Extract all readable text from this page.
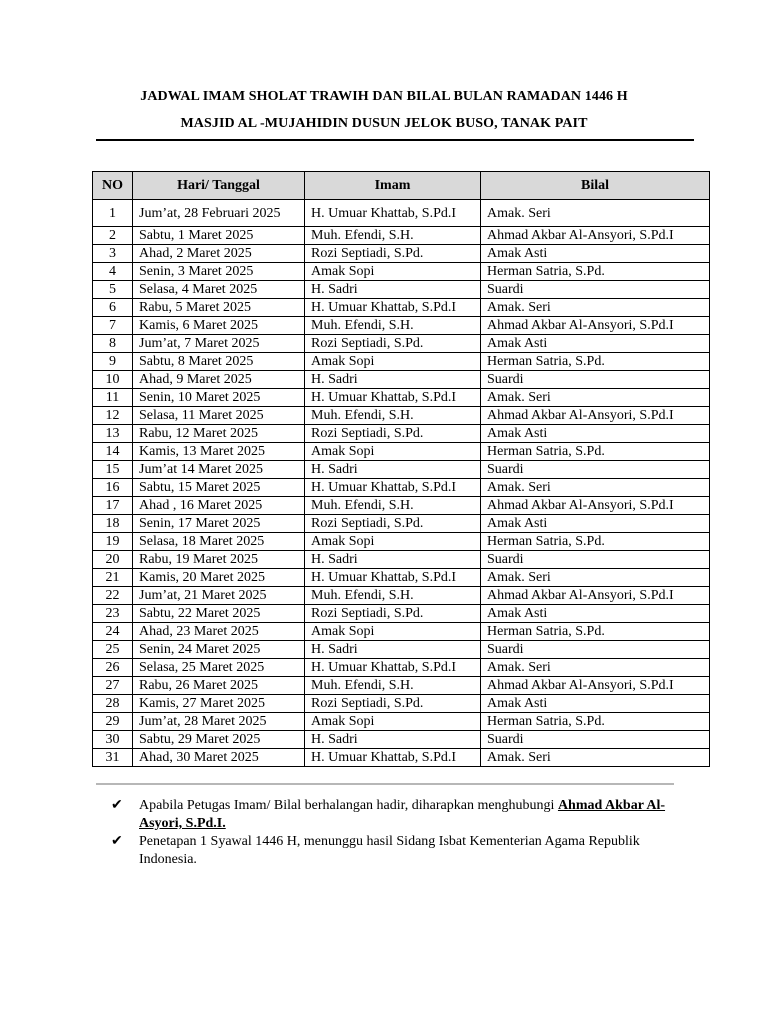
JADWAL IMAM SHOLAT TRAWIH DAN BILAL BULAN RAMADAN 1446 H
MASJID AL -MUJAHIDIN DUSUN JELOK BUSO, TANAK PAIT
NO	Hari/ Tanggal	Imam	Bilal
1	Jum’at, 28 Februari 2025	H. Umuar Khattab, S.Pd.I	Amak. Seri
2	Sabtu, 1 Maret 2025	Muh. Efendi, S.H.	Ahmad Akbar Al-Ansyori, S.Pd.I
3	Ahad, 2 Maret 2025	Rozi Septiadi, S.Pd.	Amak Asti
4	Senin, 3 Maret 2025	Amak Sopi	Herman Satria, S.Pd.
5	Selasa, 4 Maret 2025	H. Sadri	Suardi
6	Rabu, 5 Maret 2025	H. Umuar Khattab, S.Pd.I	Amak. Seri
7	Kamis, 6 Maret 2025	Muh. Efendi, S.H.	Ahmad Akbar Al-Ansyori, S.Pd.I
8	Jum’at, 7 Maret 2025	Rozi Septiadi, S.Pd.	Amak Asti
9	Sabtu, 8 Maret 2025	Amak Sopi	Herman Satria, S.Pd.
10	Ahad, 9 Maret 2025	H. Sadri	Suardi
11	Senin, 10 Maret 2025	H. Umuar Khattab, S.Pd.I	Amak. Seri
12	Selasa, 11 Maret 2025	Muh. Efendi, S.H.	Ahmad Akbar Al-Ansyori, S.Pd.I
13	Rabu, 12 Maret 2025	Rozi Septiadi, S.Pd.	Amak Asti
14	Kamis, 13 Maret 2025	Amak Sopi	Herman Satria, S.Pd.
15	Jum’at 14 Maret 2025	H. Sadri	Suardi
16	Sabtu, 15 Maret 2025	H. Umuar Khattab, S.Pd.I	Amak. Seri
17	Ahad , 16 Maret 2025	Muh. Efendi, S.H.	Ahmad Akbar Al-Ansyori, S.Pd.I
18	Senin, 17 Maret 2025	Rozi Septiadi, S.Pd.	Amak Asti
19	Selasa, 18 Maret 2025	Amak Sopi	Herman Satria, S.Pd.
20	Rabu, 19 Maret 2025	H. Sadri	Suardi
21	Kamis, 20 Maret 2025	H. Umuar Khattab, S.Pd.I	Amak. Seri
22	Jum’at, 21 Maret 2025	Muh. Efendi, S.H.	Ahmad Akbar Al-Ansyori, S.Pd.I
23	Sabtu, 22 Maret 2025	Rozi Septiadi, S.Pd.	Amak Asti
24	Ahad, 23 Maret 2025	Amak Sopi	Herman Satria, S.Pd.
25	Senin, 24 Maret 2025	H. Sadri	Suardi
26	Selasa, 25 Maret 2025	H. Umuar Khattab, S.Pd.I	Amak. Seri
27	Rabu, 26 Maret 2025	Muh. Efendi, S.H.	Ahmad Akbar Al-Ansyori, S.Pd.I
28	Kamis, 27 Maret 2025	Rozi Septiadi, S.Pd.	Amak Asti
29	Jum’at, 28 Maret 2025	Amak Sopi	Herman Satria, S.Pd.
30	Sabtu, 29 Maret 2025	H. Sadri	Suardi
31	Ahad, 30 Maret 2025	H. Umuar Khattab, S.Pd.I	Amak. Seri
✔︎	Apabila Petugas Imam/ Bilal berhalangan hadir, diharapkan menghubungi Ahmad Akbar Al-Asyori, S.Pd.I.
✔︎	Penetapan 1 Syawal 1446 H, menunggu hasil Sidang Isbat Kementerian Agama Republik Indonesia.
